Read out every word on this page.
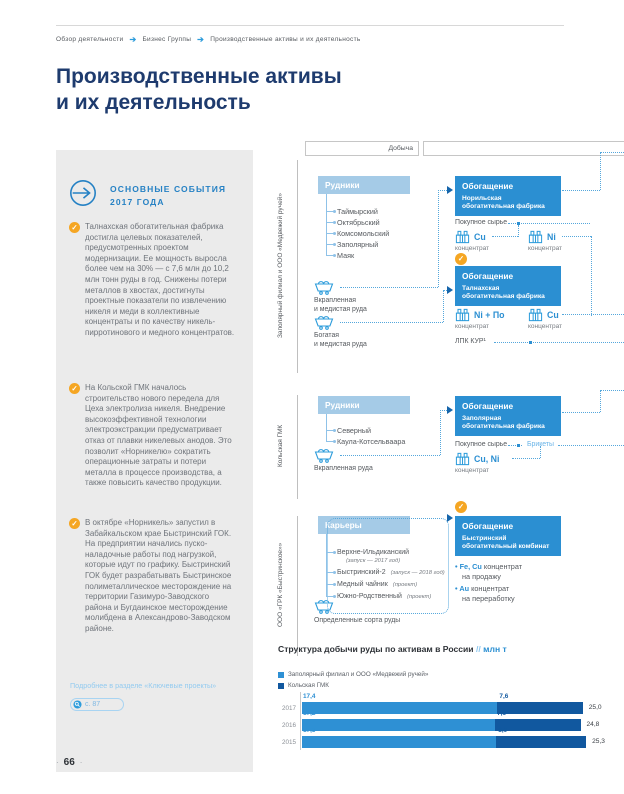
Обзор деятельности ➔ Бизнес Группы ➔ Производственные активы и их деятельность
Производственные активы
и их деятельность
ОСНОВНЫЕ СОБЫТИЯ
2017 ГОДА
✓ Талнахская обогатительная фабрика достигла целевых показателей, предусмотренных проектом модернизации. Ее мощность выросла более чем на 30% — с 7,6 млн до 10,2 млн тонн руды в год. Снижены потери металлов в хвостах, достигнуты проектные показатели по извлечению никеля и меди в коллективные концентраты и по качеству никель-пирротинового и медного концентратов.
✓ На Кольской ГМК началось строительство нового передела для Цеха электролиза никеля. Внедрение высокоэффективной технологии электроэкстракции предусматривает отказ от плавки никелевых анодов. Это позволит «Норникелю» сократить операционные затраты и потери металла в процессе производства, а также повысить качество продукции.
✓ В октябре «Норникель» запустил в Забайкальском крае Быстринский ГОК. На предприятии начались пуско-наладочные работы под нагрузкой, которые идут по графику. Быстринский ГОК будет разрабатывать Быстринское полиметаллическое месторождение на территории Газимуро-Заводского района и Бугдаинское месторождение молибдена в Александрово-Заводском районе.
Подробнее в разделе «Ключевые проекты»
с. 87
Добыча
Заполярный филиал и ООО «Медвежий ручей»
Рудники
Таймырский
Октябрьский
Комсомольский
Заполярный
Маяк
Вкрапленная
и медистая руда
Богатая
и медистая руда
Обогащение
Норильская
обогатительная фабрика
Покупное сырье
Cu
концентрат
Ni
концентрат
✓
Обогащение
Талнахская
обогатительная фабрика
Ni + По
концентрат
Cu
концентрат
ЛПК КУР¹
Кольская ГМК
Рудники
Северный
Каула-Котсельваара
Вкрапленная руда
Обогащение
Заполярная
обогатительная фабрика
Покупное сырье	Брикеты
Cu, Ni
концентрат
ООО «ГРК «Быстринское»»
✓
Карьеры
Верхне-Ильдиканский
(запуск — 2017 год)
Быстринский-2 (запуск — 2018 год)
Медный чайник (проект)
Южно-Родственный (проект)
Определенные сорта руды
Обогащение
Быстринский
обогатительный комбинат
• Fe, Cu концентрат
на продажу
• Au концентрат
на переработку
Структура добычи руды по активам в России // млн т
Заполярный филиал и ООО «Медвежий ручей»
Кольская ГМК
2017
17,4	7,6
25,0
2016
17,2	7,6
24,8
2015
17,3	8,0
25,3
· 66 ·
